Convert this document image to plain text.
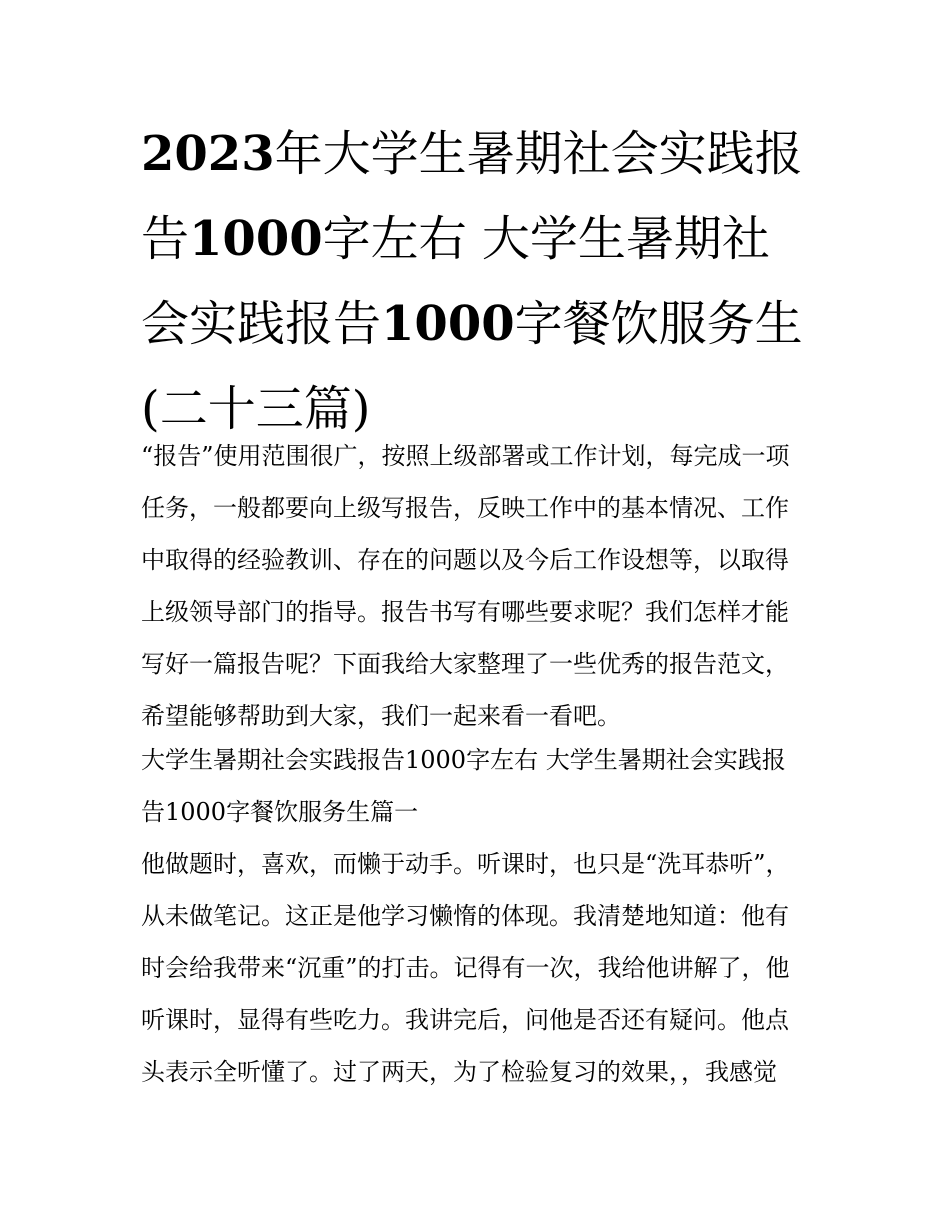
2023年大学生暑期社会实践报
告1000字左右 大学生暑期社
会实践报告1000字餐饮服务生
(二十三篇)
“报告”使用范围很广，按照上级部署或工作计划，每完成一项
任务，一般都要向上级写报告，反映工作中的基本情况、工作
中取得的经验教训、存在的问题以及今后工作设想等，以取得
上级领导部门的指导。报告书写有哪些要求呢？我们怎样才能
写好一篇报告呢？下面我给大家整理了一些优秀的报告范文，
希望能够帮助到大家，我们一起来看一看吧。
大学生暑期社会实践报告1000字左右 大学生暑期社会实践报
告1000字餐饮服务生篇一
他做题时，喜欢，而懒于动手。听课时，也只是“洗耳恭听”，
从未做笔记。这正是他学习懒惰的体现。我清楚地知道：他有
时会给我带来“沉重”的打击。记得有一次，我给他讲解了，他
听课时，显得有些吃力。我讲完后，问他是否还有疑问。他点
头表示全听懂了。过了两天，为了检验复习的效果，，我感觉
